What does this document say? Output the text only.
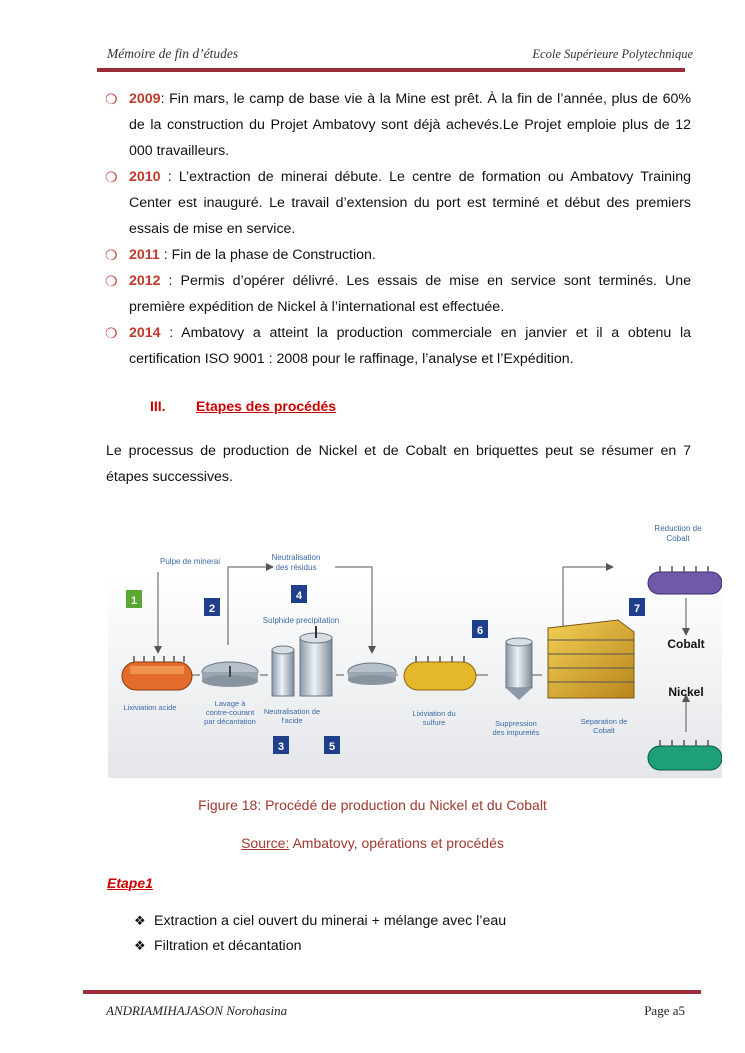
Mémoire de fin d’études	Ecole Supérieure Polytechnique
❍ 2009: Fin mars, le camp de base vie à la Mine est prêt. À la fin de l’année, plus de 60% de la construction du Projet Ambatovy sont déjà achevés.Le Projet emploie plus de 12 000 travailleurs.
❍ 2010 : L’extraction de minerai débute. Le centre de formation ou Ambatovy Training Center est inauguré. Le travail d’extension du port est terminé et début des premiers essais de mise en service.
❍ 2011 : Fin de la phase de Construction.
❍ 2012 : Permis d’opérer délivré. Les essais de mise en service sont terminés. Une première expédition de Nickel à l’international est effectuée.
❍ 2014 : Ambatovy a atteint la production commerciale en janvier et il a obtenu la certification ISO 9001 : 2008 pour le raffinage, l’analyse et l’Expédition.
III. Etapes des procédés
Le processus de production de Nickel et de Cobalt en briquettes peut se résumer en 7 étapes successives.
Pulpe de minerai	Neutralisation
des résidus
Reduction de
Cobalt
Sulphide precipitation
1
2
3
4
5
6
7
Cobalt
Nickel
Lixiviation acide	Lavage à
contre-courant
par décantation
Neutralisation de
l'acide
Lixiviation du
sulfure	Suppression
des impuretés
Separation de
Cobalt
Figure 18: Procédé de production du Nickel et du Cobalt
Source: Ambatovy, opérations et procédés
Etape1
❖ Extraction a ciel ouvert du minerai + mélange avec l’eau
❖ Filtration et décantation
ANDRIAMIHAJASON Norohasina	Page a5
